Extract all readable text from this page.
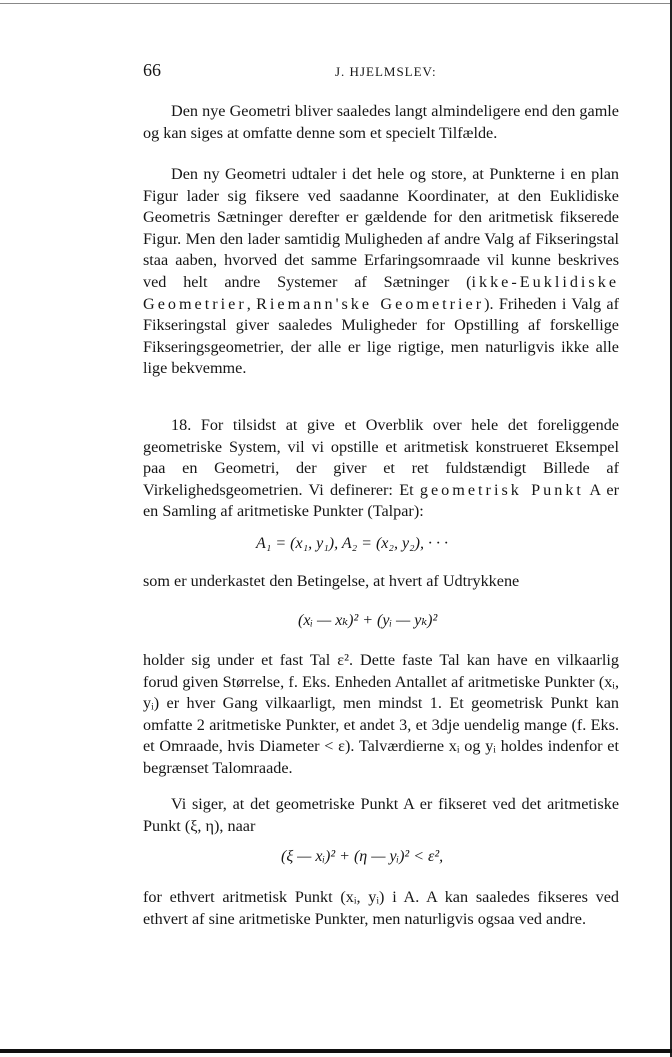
66	J. HJELMSLEV:

Den nye Geometri bliver saaledes langt almindeligere end den gamle og kan siges at omfatte denne som et specielt Tilfælde.

Den ny Geometri udtaler i det hele og store, at Punkterne i en plan Figur lader sig fiksere ved saadanne Koordinater, at den Euklidiske Geometris Sætninger derefter er gældende for den aritmetisk fikserede Figur. Men den lader samtidig Muligheden af andre Valg af Fikseringstal staa aaben, hvorved det samme Erfaringsomraade vil kunne beskrives ved helt andre Systemer af Sætninger (ikke-Euklidiske Geometrier, Riemann'ske Geometrier). Friheden i Valg af Fikseringstal giver saaledes Muligheder for Opstilling af forskellige Fikseringsgeometrier, der alle er lige rigtige, men naturligvis ikke alle lige bekvemme.

18. For tilsidst at give et Overblik over hele det foreliggende geometriske System, vil vi opstille et aritmetisk konstrueret Eksempel paa en Geometri, der giver et ret fuldstændigt Billede af Virkelighedsgeometrien. Vi definerer: Et geometrisk Punkt A er en Samling af aritmetiske Punkter (Talpar):

A₁ = (x₁, y₁), A₂ = (x₂, y₂), · · ·

som er underkastet den Betingelse, at hvert af Udtrykkene

(xᵢ — xₖ)² + (yᵢ — yₖ)²

holder sig under et fast Tal ε². Dette faste Tal kan have en vilkaarlig forud given Størrelse, f. Eks. Enheden Antallet af aritmetiske Punkter (xᵢ, yᵢ) er hver Gang vilkaarligt, men mindst 1. Et geometrisk Punkt kan omfatte 2 aritmetiske Punkter, et andet 3, et 3dje uendelig mange (f. Eks. et Omraade, hvis Diameter < ε). Talværdierne xᵢ og yᵢ holdes indenfor et begrænset Talomraade.

Vi siger, at det geometriske Punkt A er fikseret ved det aritmetiske Punkt (ξ, η), naar

(ξ — xᵢ)² + (η — yᵢ)² < ε²,

for ethvert aritmetisk Punkt (xᵢ, yᵢ) i A. A kan saaledes fikseres ved ethvert af sine aritmetiske Punkter, men naturligvis ogsaa ved andre.
